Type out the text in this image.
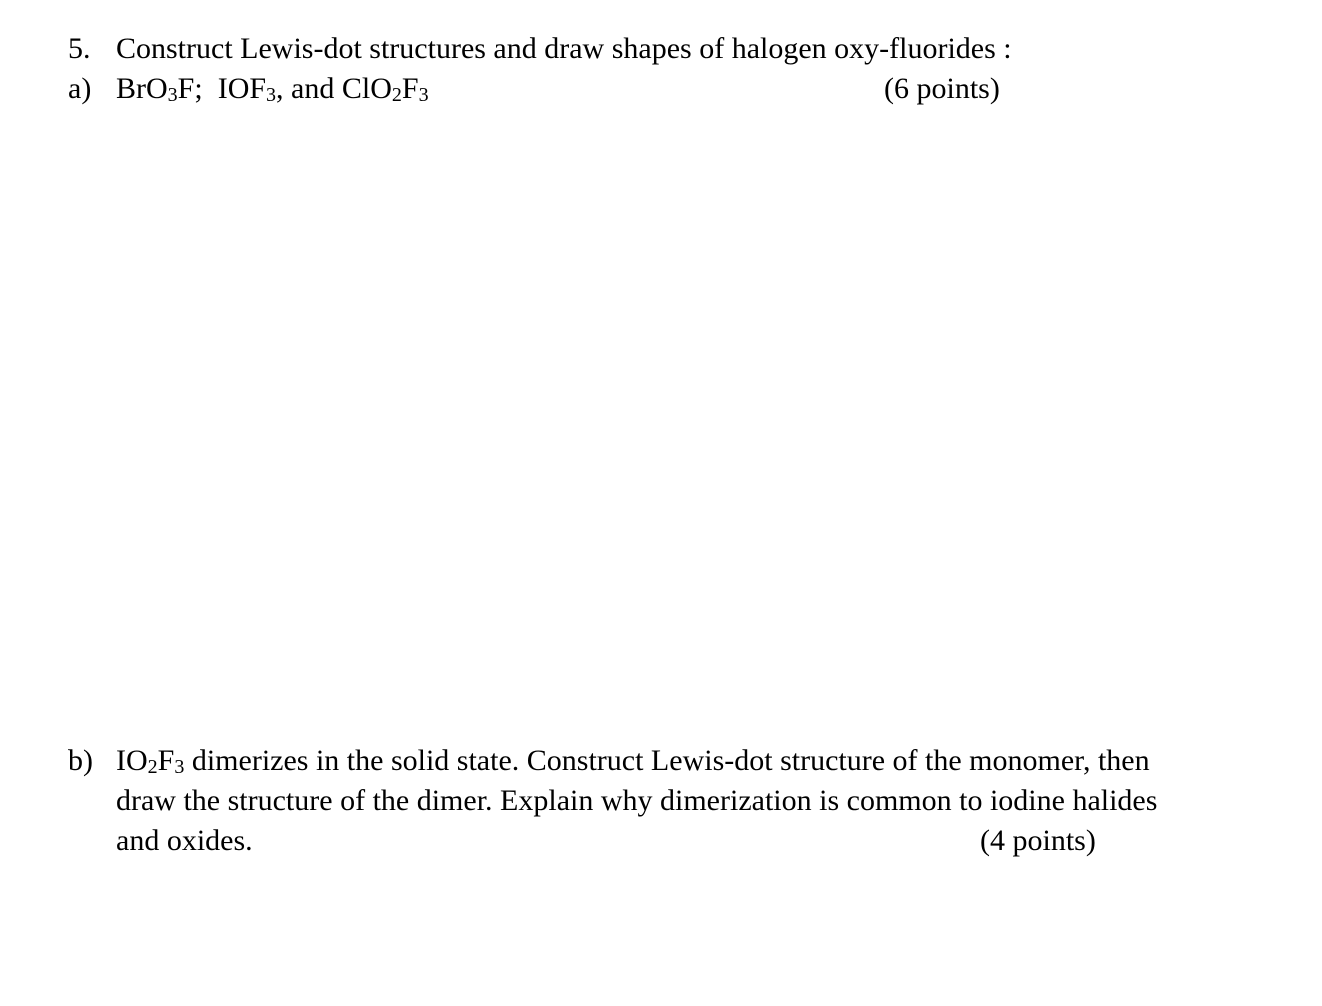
5. Construct Lewis-dot structures and draw shapes of halogen oxy-fluorides :
a) BrO3F; IOF3, and ClO2F3	(6 points)
b) IO2F3 dimerizes in the solid state. Construct Lewis-dot structure of the monomer, then
draw the structure of the dimer. Explain why dimerization is common to iodine halides
and oxides.	(4 points)
